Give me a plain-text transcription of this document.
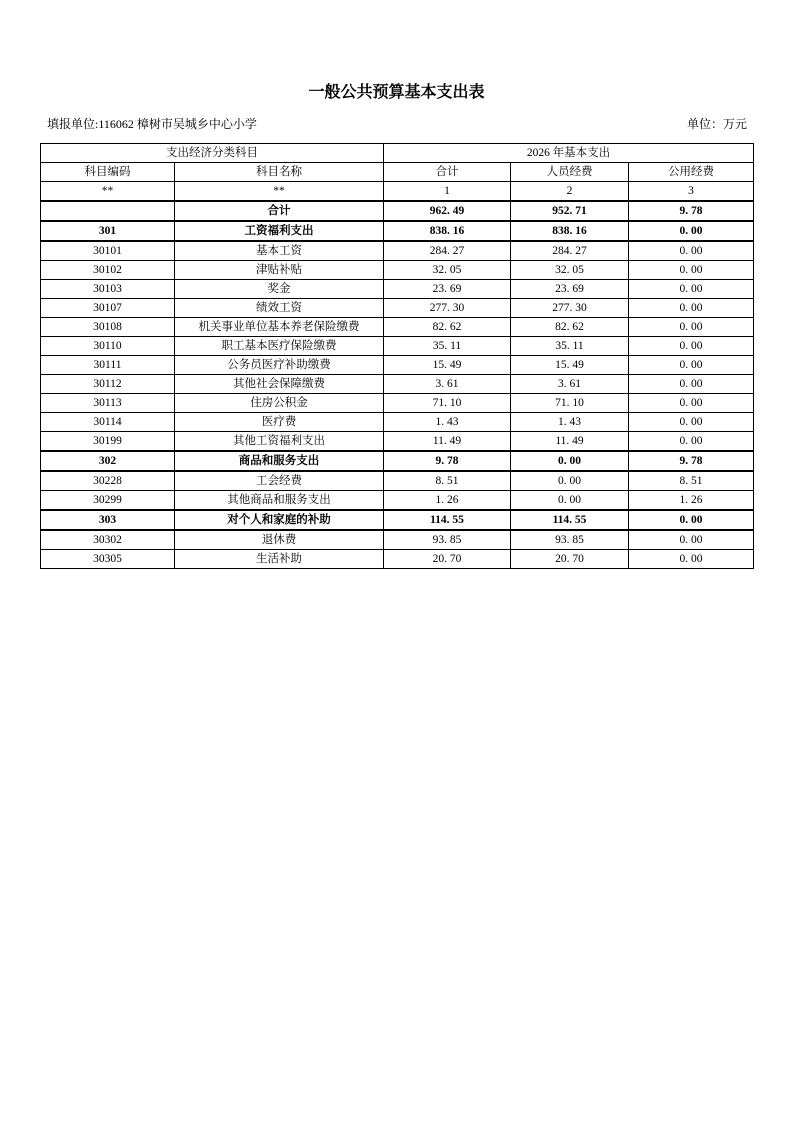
一般公共预算基本支出表
填报单位:116062 樟树市吴城乡中心小学	单位：万元
支出经济分类科目		2026 年基本支出		
科目编码	科目名称	合计	人员经费	公用经费
**	**	1	2	3
	合计	962. 49	952. 71	9. 78
301	工资福利支出	838. 16	838. 16	0. 00
30101	基本工资	284. 27	284. 27	0. 00
30102	津贴补贴	32. 05	32. 05	0. 00
30103	奖金	23. 69	23. 69	0. 00
30107	绩效工资	277. 30	277. 30	0. 00
30108	机关事业单位基本养老保险缴费	82. 62	82. 62	0. 00
30110	职工基本医疗保险缴费	35. 11	35. 11	0. 00
30111	公务员医疗补助缴费	15. 49	15. 49	0. 00
30112	其他社会保障缴费	3. 61	3. 61	0. 00
30113	住房公积金	71. 10	71. 10	0. 00
30114	医疗费	1. 43	1. 43	0. 00
30199	其他工资福利支出	11. 49	11. 49	0. 00
302	商品和服务支出	9. 78	0. 00	9. 78
30228	工会经费	8. 51	0. 00	8. 51
30299	其他商品和服务支出	1. 26	0. 00	1. 26
303	对个人和家庭的补助	114. 55	114. 55	0. 00
30302	退休费	93. 85	93. 85	0. 00
30305	生活补助	20. 70	20. 70	0. 00
